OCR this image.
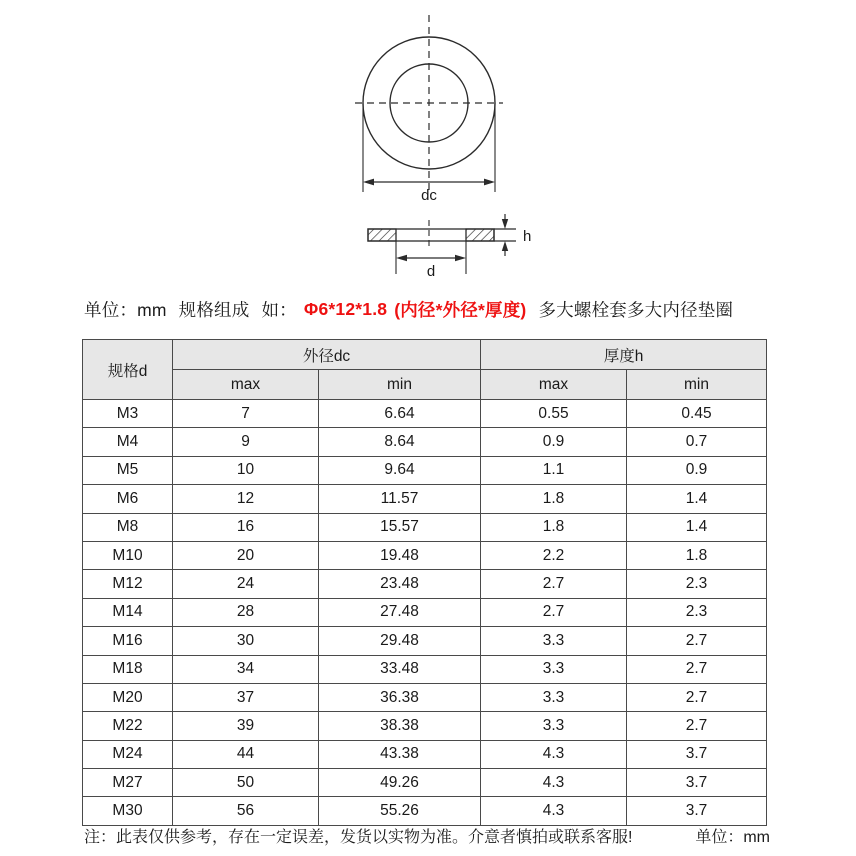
dc
d
h
单位：mm 规格组成 如： Φ6*12*1.8 (内径*外径*厚度) 多大螺栓套多大内径垫圈
规格d	外径dc		厚度h	
	max	min	max	min
M3	7	6.64	0.55	0.45
M4	9	8.64	0.9	0.7
M5	10	9.64	1.1	0.9
M6	12	11.57	1.8	1.4
M8	16	15.57	1.8	1.4
M10	20	19.48	2.2	1.8
M12	24	23.48	2.7	2.3
M14	28	27.48	2.7	2.3
M16	30	29.48	3.3	2.7
M18	34	33.48	3.3	2.7
M20	37	36.38	3.3	2.7
M22	39	38.38	3.3	2.7
M24	44	43.38	4.3	3.7
M27	50	49.26	4.3	3.7
M30	56	55.26	4.3	3.7
注：此表仅供参考，存在一定误差，发货以实物为准。介意者慎拍或联系客服!	单位：mm
